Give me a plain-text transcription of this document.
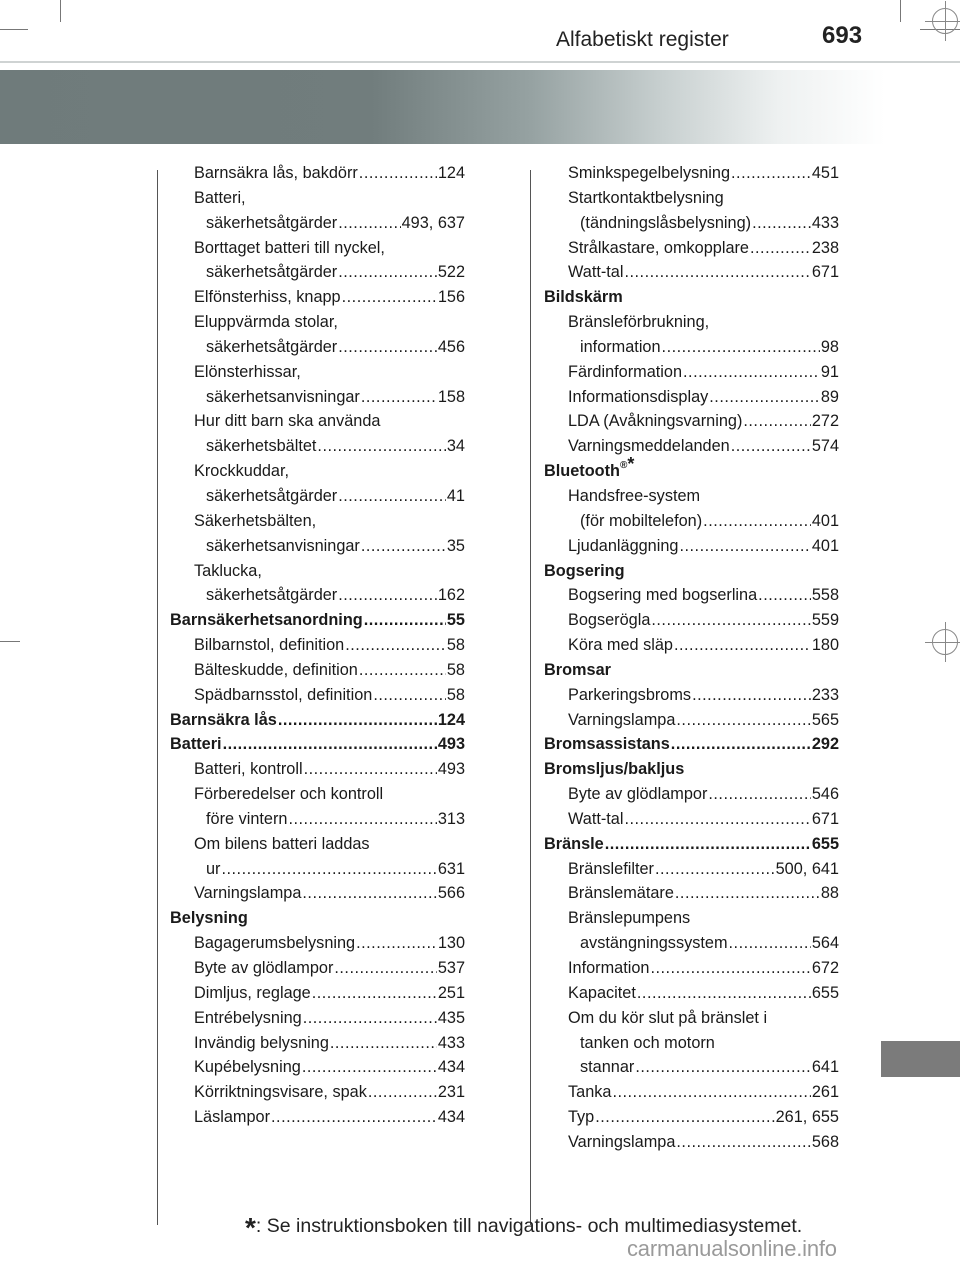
Alfabetiskt register	693
Barnsäkra lås, bakdörr .....	124
Batteri,
säkerhetsåtgärder .....	493, 637
Borttaget batteri till nyckel,
säkerhetsåtgärder .....	522
Elfönsterhiss, knapp .....	156
Eluppvärmda stolar,
säkerhetsåtgärder .....	456
Elönsterhissar,
säkerhetsanvisningar .....	158
Hur ditt barn ska använda
säkerhetsbältet .....	34
Krockkuddar,
säkerhetsåtgärder .....	41
Säkerhetsbälten,
säkerhetsanvisningar .....	35
Taklucka,
säkerhetsåtgärder .....	162
Barnsäkerhetsanordning .....	55
Bilbarnstol, definition .....	58
Bälteskudde, definition .....	58
Spädbarnsstol, definition .....	58
Barnsäkra lås .....	124
Batteri .....	493
Batteri, kontroll .....	493
Förberedelser och kontroll
före vintern .....	313
Om bilens batteri laddas
ur .....	631
Varningslampa .....	566
Belysning
Bagagerumsbelysning .....	130
Byte av glödlampor .....	537
Dimljus, reglage .....	251
Entrébelysning .....	435
Invändig belysning .....	433
Kupébelysning .....	434
Körriktningsvisare, spak .....	231
Läslampor .....	434
Sminkspegelbelysning .....	451
Startkontaktbelysning
(tändningslåsbelysning) .....	433
Strålkastare, omkopplare .....	238
Watt-tal .....	671
Bildskärm
Bränsleförbrukning,
information .....	98
Färdinformation .....	91
Informationsdisplay .....	89
LDA (Avåkningsvarning) .....	272
Varningsmeddelanden .....	574
Bluetooth®*
Handsfree-system
(för mobiltelefon) .....	401
Ljudanläggning .....	401
Bogsering
Bogsering med bogserlina .....	558
Bogserögla .....	559
Köra med släp .....	180
Bromsar
Parkeringsbroms .....	233
Varningslampa .....	565
Bromsassistans .....	292
Bromsljus/bakljus
Byte av glödlampor .....	546
Watt-tal .....	671
Bränsle .....	655
Bränslefilter .....	500, 641
Bränslemätare .....	88
Bränslepumpens
avstängningssystem .....	564
Information .....	672
Kapacitet .....	655
Om du kör slut på bränslet i
tanken och motorn
stannar .....	641
Tanka .....	261
Typ .....	261, 655
Varningslampa .....	568
*: Se instruktionsboken till navigations- och multimediasystemet.
carmanualsonline.info
